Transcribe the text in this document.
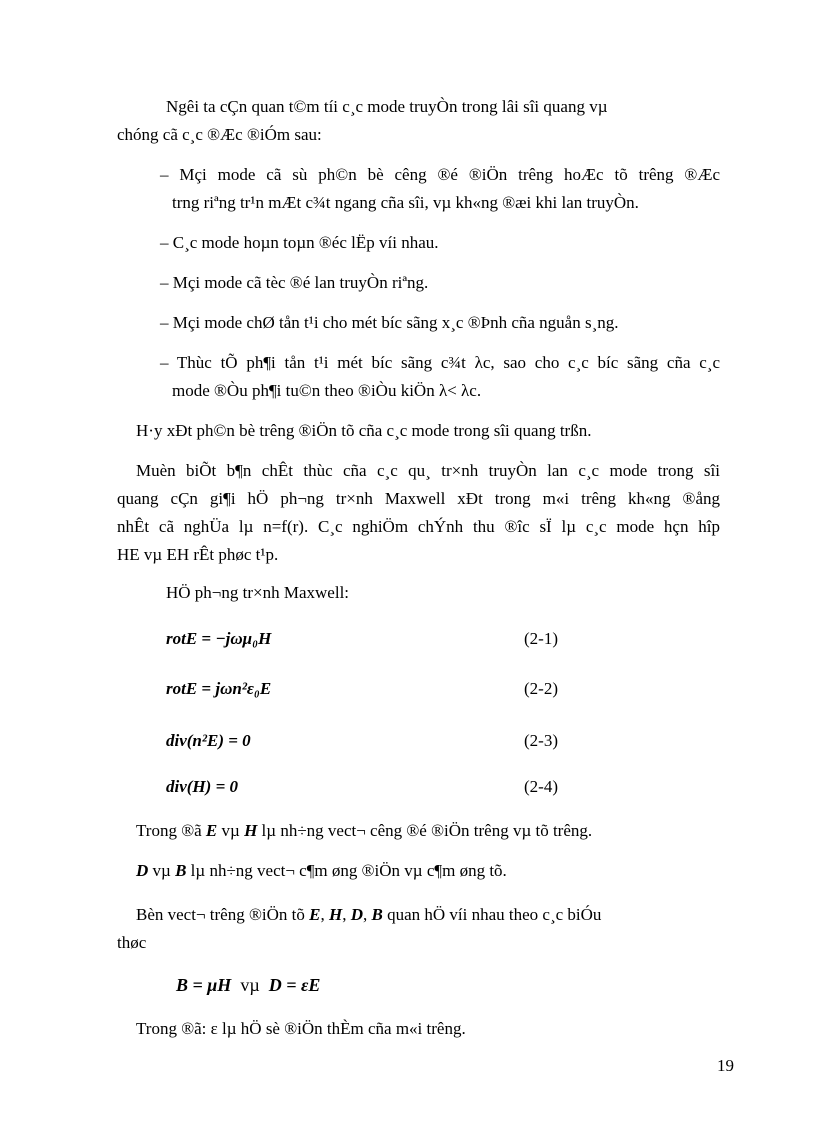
Ngêi ta cÇn quan t©m tíi c¸c mode truyÒn trong lâi sîi quang vµ
chóng cã c¸c ®Æc ®iÓm sau:
– Mçi mode cã sù ph©n bè cêng ®é ®iÖn trêng hoÆc tõ trêng ®Æc
trng riªng tr¹n mÆt c¾t ngang cña sîi, vµ kh«ng ®æi khi lan truyÒn.
– C¸c mode hoµn toµn ®éc lËp víi nhau.
– Mçi mode cã tèc ®é lan truyÒn riªng.
– Mçi mode chØ tån t¹i cho mét bíc sãng x¸c ®Þnh cña nguån s¸ng.
– Thùc tÕ ph¶i tån t¹i mét bíc sãng c¾t λc, sao cho c¸c bíc sãng cña c¸c
mode ®Òu ph¶i tu©n theo ®iÒu kiÖn λ< λc.
H·y xÐt ph©n bè trêng ®iÖn tõ cña c¸c mode trong sîi quang trßn.
Muèn biÕt b¶n chÊt thùc cña c¸c qu¸ tr×nh truyÒn lan c¸c mode trong sîi
quang cÇn gi¶i hÖ ph¬ng tr×nh Maxwell xÐt trong m«i trêng kh«ng ®ång
nhÊt cã nghÜa lµ n=f(r). C¸c nghiÖm chÝnh thu ®îc sÏ lµ c¸c mode hçn hîp
HE vµ EH rÊt phøc t¹p.
HÖ ph¬ng tr×nh Maxwell:
rotE = −jωμ₀H	(2-1)
rotE = jωn²ε₀E	(2-2)
div(n²E) = 0	(2-3)
div(H) = 0	(2-4)
Trong ®ã E vµ H lµ nh÷ng vect¬ cêng ®é ®iÖn trêng vµ tõ trêng.
D vµ B lµ nh÷ng vect¬ c¶m øng ®iÖn vµ c¶m øng tõ.
Bèn vect¬ trêng ®iÖn tõ E, H, D, B quan hÖ víi nhau theo c¸c biÓu
thøc
B = μH vµ D = εE
Trong ®ã: ε lµ hÖ sè ®iÖn thÈm cña m«i trêng.
19
